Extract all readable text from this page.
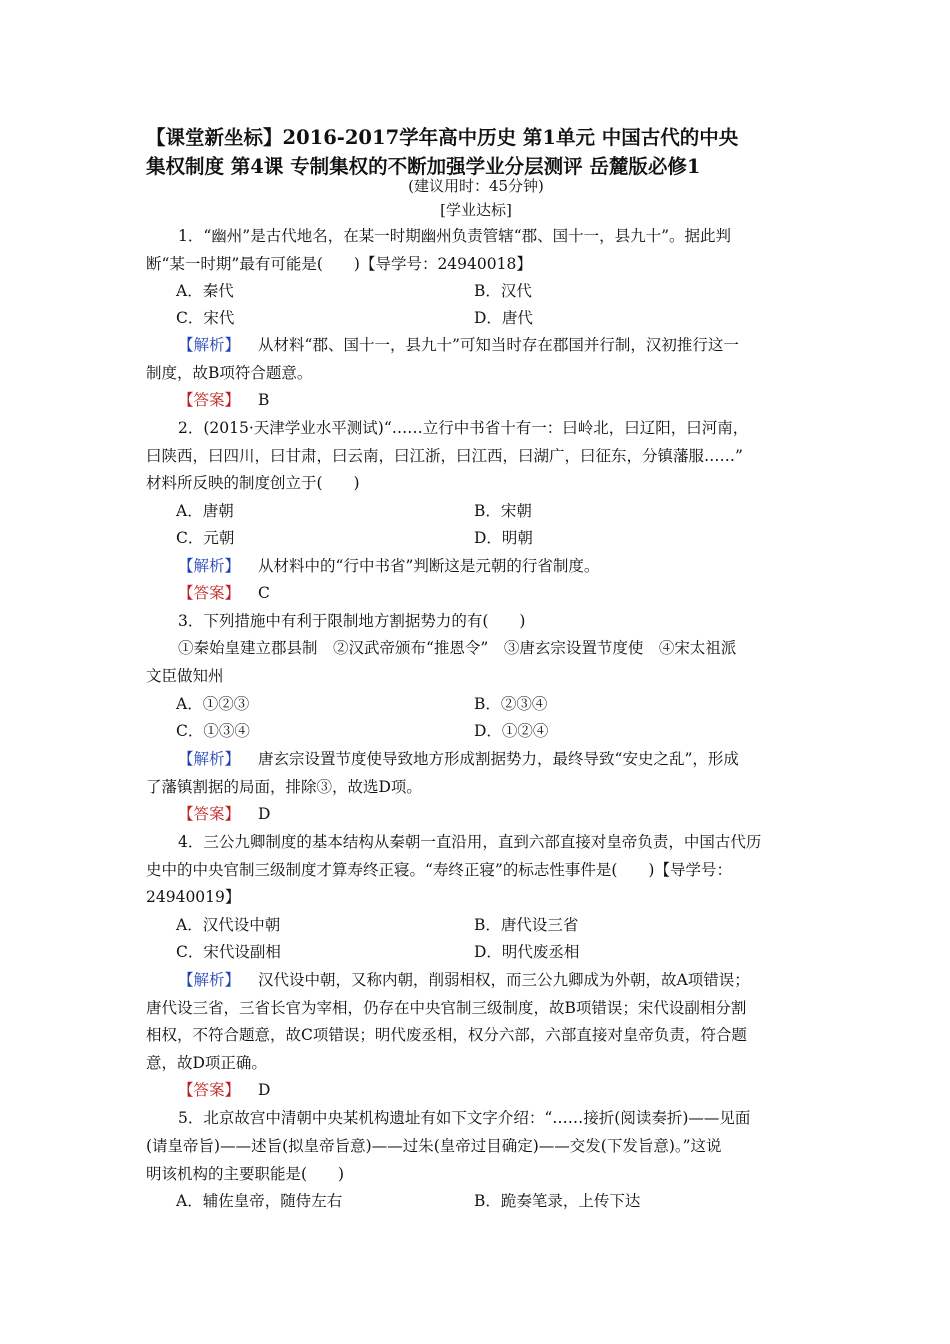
【课堂新坐标】2016-2017学年高中历史 第1单元 中国古代的中央
集权制度 第4课 专制集权的不断加强学业分层测评 岳麓版必修1
(建议用时：45分钟)
[学业达标]
1．“幽州”是古代地名，在某一时期幽州负责管辖“郡、国十一，县九十”。据此判
断“某一时期”最有可能是(　　)【导学号：24940018】
A．秦代	B．汉代
C．宋代	D．唐代
【解析】 从材料“郡、国十一，县九十”可知当时存在郡国并行制，汉初推行这一
制度，故B项符合题意。
【答案】 B
2．(2015·天津学业水平测试)“……立行中书省十有一：曰岭北，曰辽阳，曰河南，
曰陕西，曰四川，曰甘肃，曰云南，曰江浙，曰江西，曰湖广，曰征东，分镇藩服……”
材料所反映的制度创立于(　　)
A．唐朝	B．宋朝
C．元朝	D．明朝
【解析】 从材料中的“行中书省”判断这是元朝的行省制度。
【答案】 C
3．下列措施中有利于限制地方割据势力的有(　　)
①秦始皇建立郡县制　②汉武帝颁布“推恩令”　③唐玄宗设置节度使　④宋太祖派
文臣做知州
A．①②③	B．②③④
C．①③④	D．①②④
【解析】 唐玄宗设置节度使导致地方形成割据势力，最终导致“安史之乱”，形成
了藩镇割据的局面，排除③，故选D项。
【答案】 D
4．三公九卿制度的基本结构从秦朝一直沿用，直到六部直接对皇帝负责，中国古代历
史中的中央官制三级制度才算寿终正寝。“寿终正寝”的标志性事件是(　　)【导学号：
24940019】
A．汉代设中朝	B．唐代设三省
C．宋代设副相	D．明代废丞相
【解析】 汉代设中朝，又称内朝，削弱相权，而三公九卿成为外朝，故A项错误；
唐代设三省，三省长官为宰相，仍存在中央官制三级制度，故B项错误；宋代设副相分割
相权，不符合题意，故C项错误；明代废丞相，权分六部，六部直接对皇帝负责，符合题
意，故D项正确。
【答案】 D
5．北京故宫中清朝中央某机构遗址有如下文字介绍：“……接折(阅读奏折)——见面
(请皇帝旨)——述旨(拟皇帝旨意)——过朱(皇帝过目确定)——交发(下发旨意)。”这说
明该机构的主要职能是(　　)
A．辅佐皇帝，随侍左右	B．跪奏笔录，上传下达
